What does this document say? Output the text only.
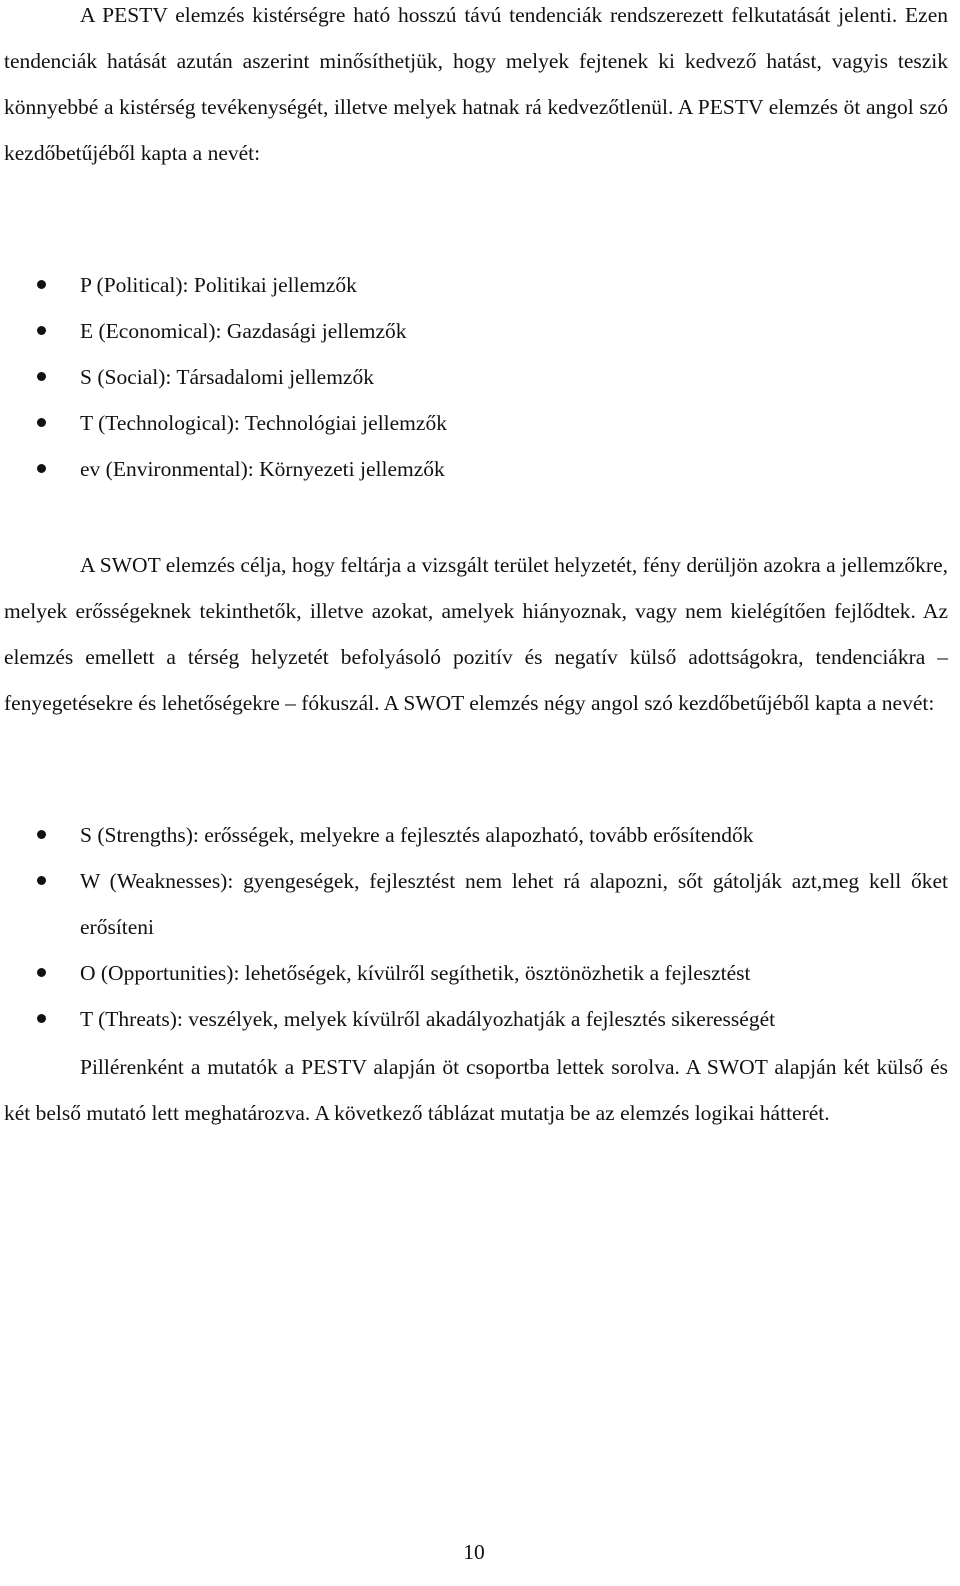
A PESTV elemzés kistérségre ható hosszú távú tendenciák rendszerezett felkutatását jelenti. Ezen tendenciák hatását azután aszerint minősíthetjük, hogy melyek fejtenek ki kedvező hatást, vagyis teszik könnyebbé a kistérség tevékenységét, illetve melyek hatnak rá kedvezőtlenül. A PESTV elemzés öt angol szó kezdőbetűjéből kapta a nevét:

P (Political): Politikai jellemzők
E (Economical): Gazdasági jellemzők
S (Social): Társadalomi jellemzők
T (Technological): Technológiai jellemzők
ev (Environmental): Környezeti jellemzők

A SWOT elemzés célja, hogy feltárja a vizsgált terület helyzetét, fény derüljön azokra a jellemzőkre, melyek erősségeknek tekinthetők, illetve azokat, amelyek hiányoznak, vagy nem kielégítően fejlődtek. Az elemzés emellett a térség helyzetét befolyásoló pozitív és negatív külső adottságokra, tendenciákra – fenyegetésekre és lehetőségekre – fókuszál. A SWOT elemzés négy angol szó kezdőbetűjéből kapta a nevét:

S (Strengths): erősségek, melyekre a fejlesztés alapozható, tovább erősítendők
W (Weaknesses): gyengeségek, fejlesztést nem lehet rá alapozni, sőt gátolják azt,meg kell őket erősíteni
O (Opportunities): lehetőségek, kívülről segíthetik, ösztönözhetik a fejlesztést
T (Threats): veszélyek, melyek kívülről akadályozhatják a fejlesztés sikerességét

Pillérenként a mutatók a PESTV alapján öt csoportba lettek sorolva. A SWOT alapján két külső és két belső mutató lett meghatározva. A következő táblázat mutatja be az elemzés logikai hátterét.

10
